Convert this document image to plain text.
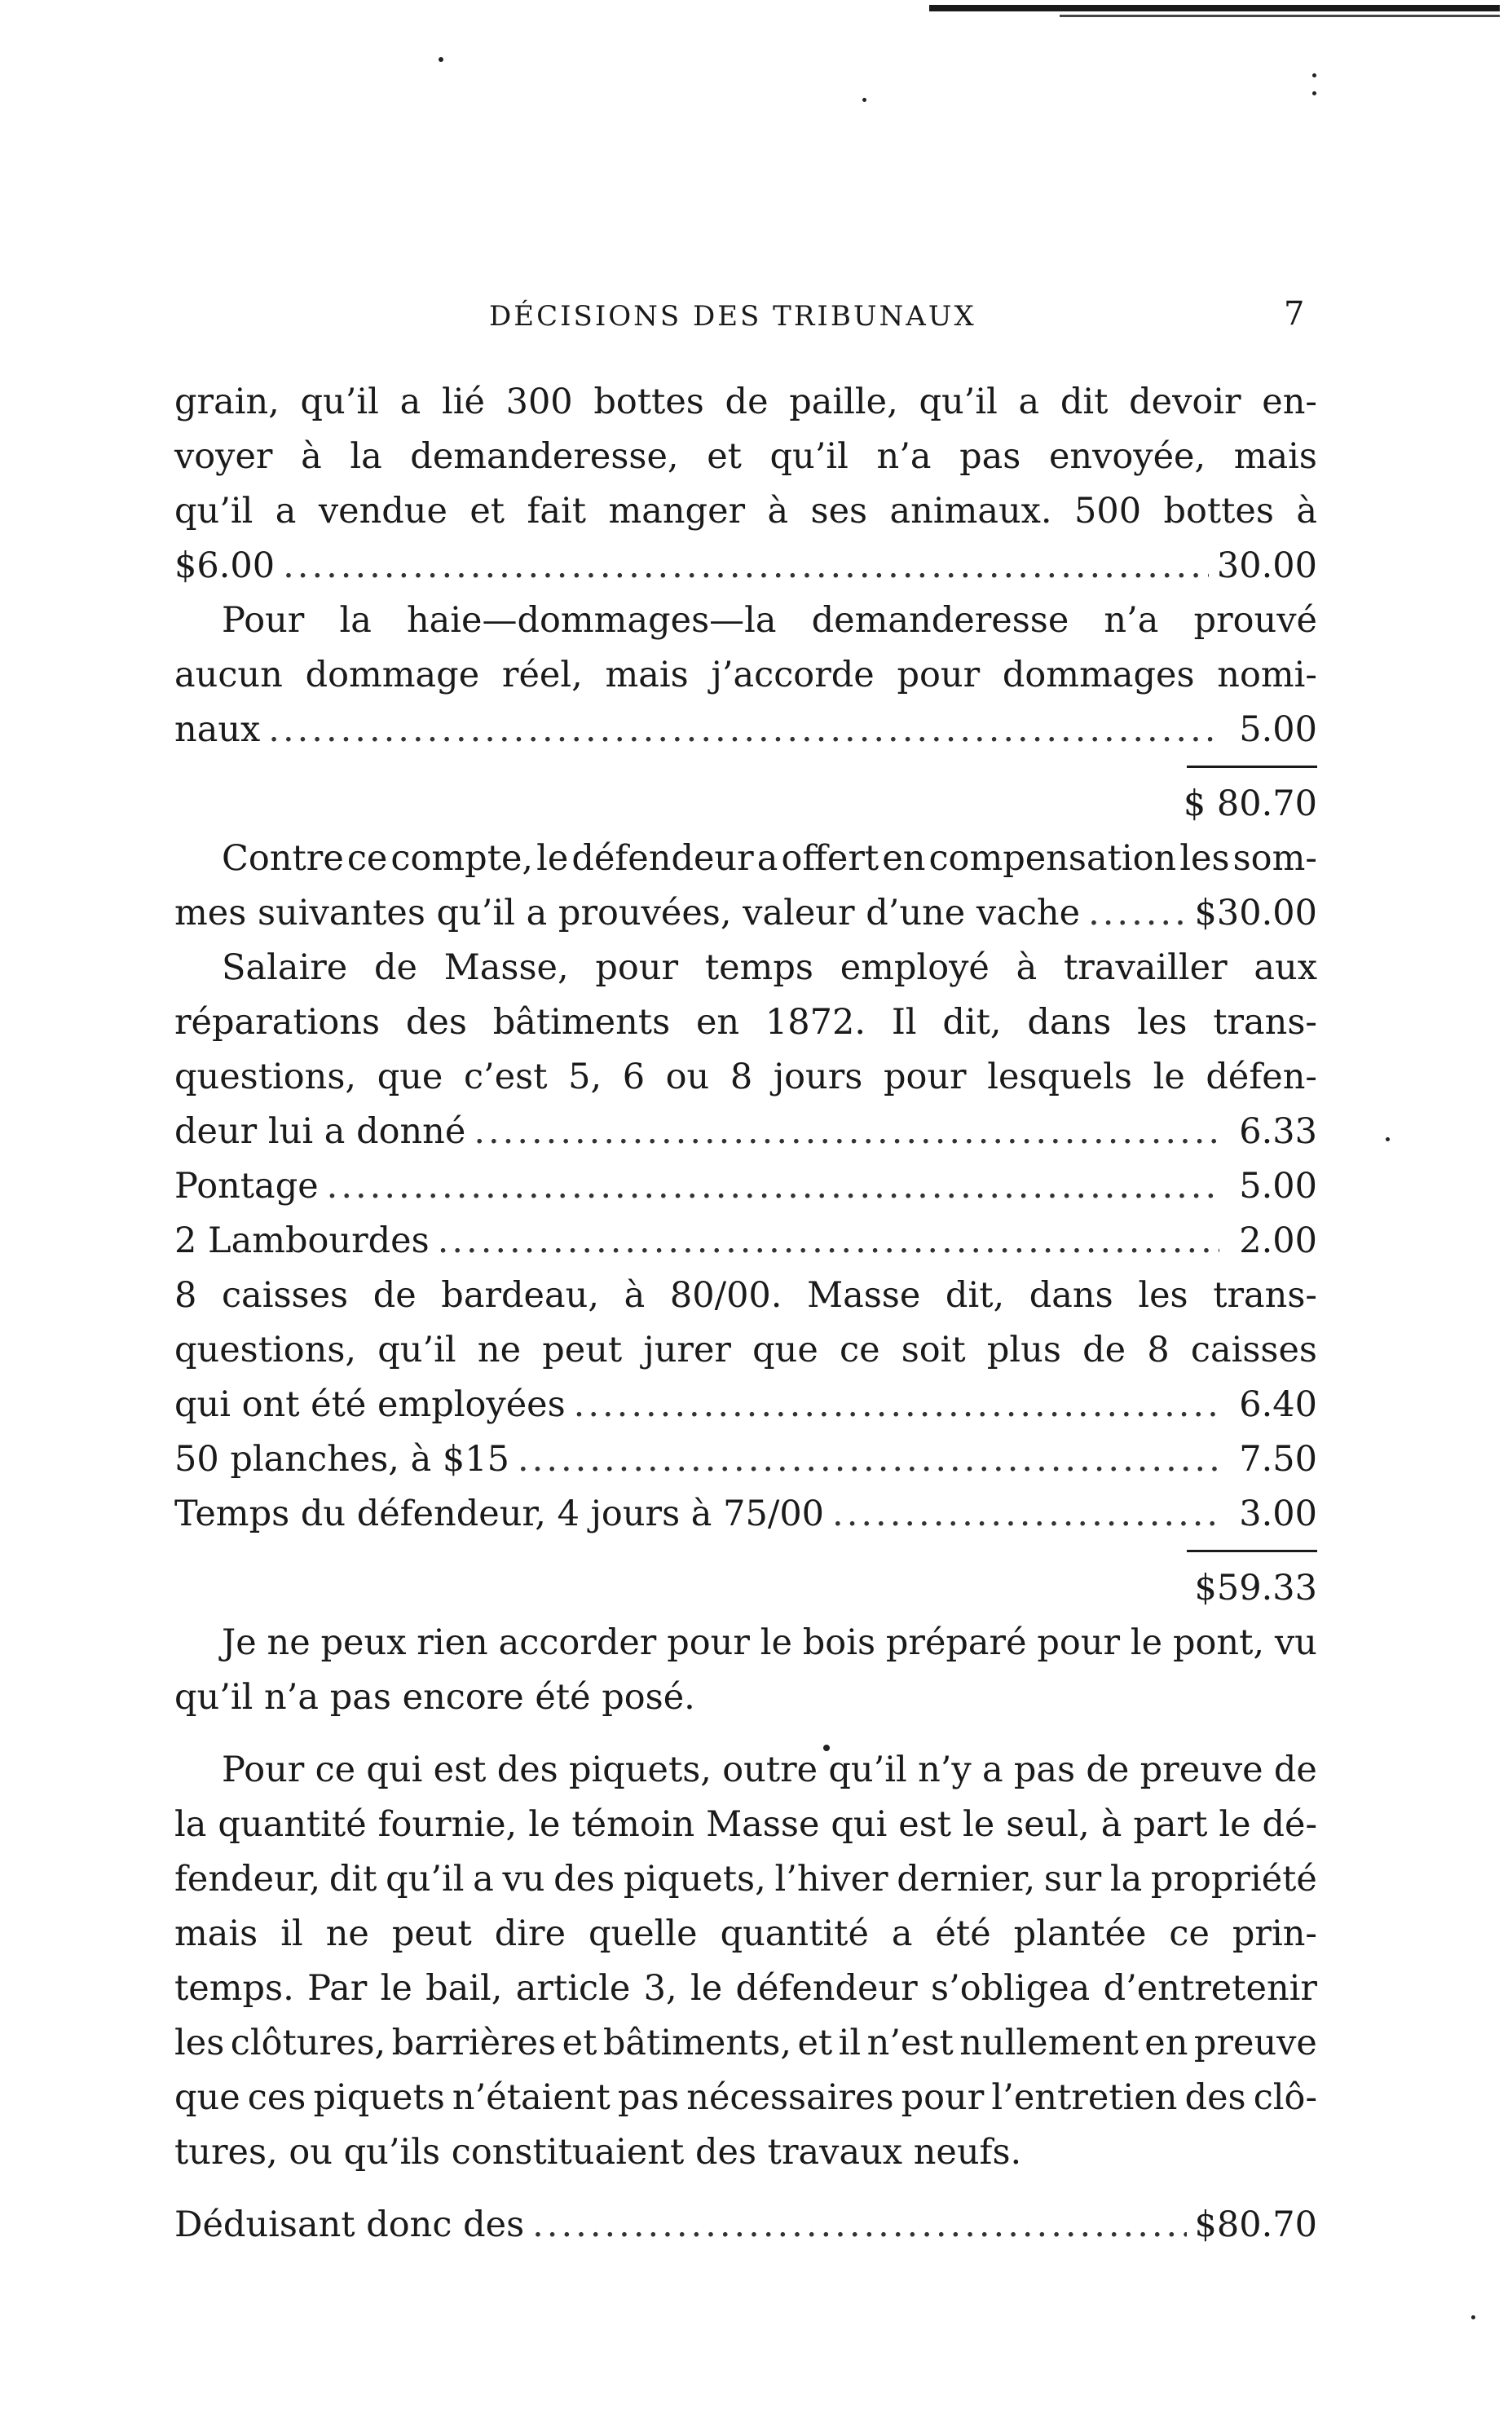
DÉCISIONS DES TRIBUNAUX	7
grain, qu’il a lié 300 bottes de paille, qu’il a dit devoir en-
voyer à la demanderesse, et qu’il n’a pas envoyée, mais
qu’il a vendue et fait manger à ses animaux. 500 bottes à
$6.00 .....	30.00
Pour la haie—dommages—la demanderesse n’a prouvé
aucun dommage réel, mais j’accorde pour dommages nomi-
naux .....	5.00
$ 80.70
Contre ce compte, le défendeur a offert en compensation les som-
mes suivantes qu’il a prouvées, valeur d’une vache .....	$30.00
Salaire de Masse, pour temps employé à travailler aux
réparations des bâtiments en 1872. Il dit, dans les trans-
questions, que c’est 5, 6 ou 8 jours pour lesquels le défen-
deur lui a donné .....	6.33
Pontage .....	5.00
2 Lambourdes .....	2.00
8 caisses de bardeau, à 80/00. Masse dit, dans les trans-
questions, qu’il ne peut jurer que ce soit plus de 8 caisses
qui ont été employées .....	6.40
50 planches, à $15 .....	7.50
Temps du défendeur, 4 jours à 75/00 .....	3.00
$59.33
Je ne peux rien accorder pour le bois préparé pour le pont, vu
qu’il n’a pas encore été posé.
Pour ce qui est des piquets, outre qu’il n’y a pas de preuve de
la quantité fournie, le témoin Masse qui est le seul, à part le dé-
fendeur, dit qu’il a vu des piquets, l’hiver dernier, sur la propriété
mais il ne peut dire quelle quantité a été plantée ce prin-
temps. Par le bail, article 3, le défendeur s’obligea d’entretenir
les clôtures, barrières et bâtiments, et il n’est nullement en preuve
que ces piquets n’étaient pas nécessaires pour l’entretien des clô-
tures, ou qu’ils constituaient des travaux neufs.
Déduisant donc des .....	$80.70
